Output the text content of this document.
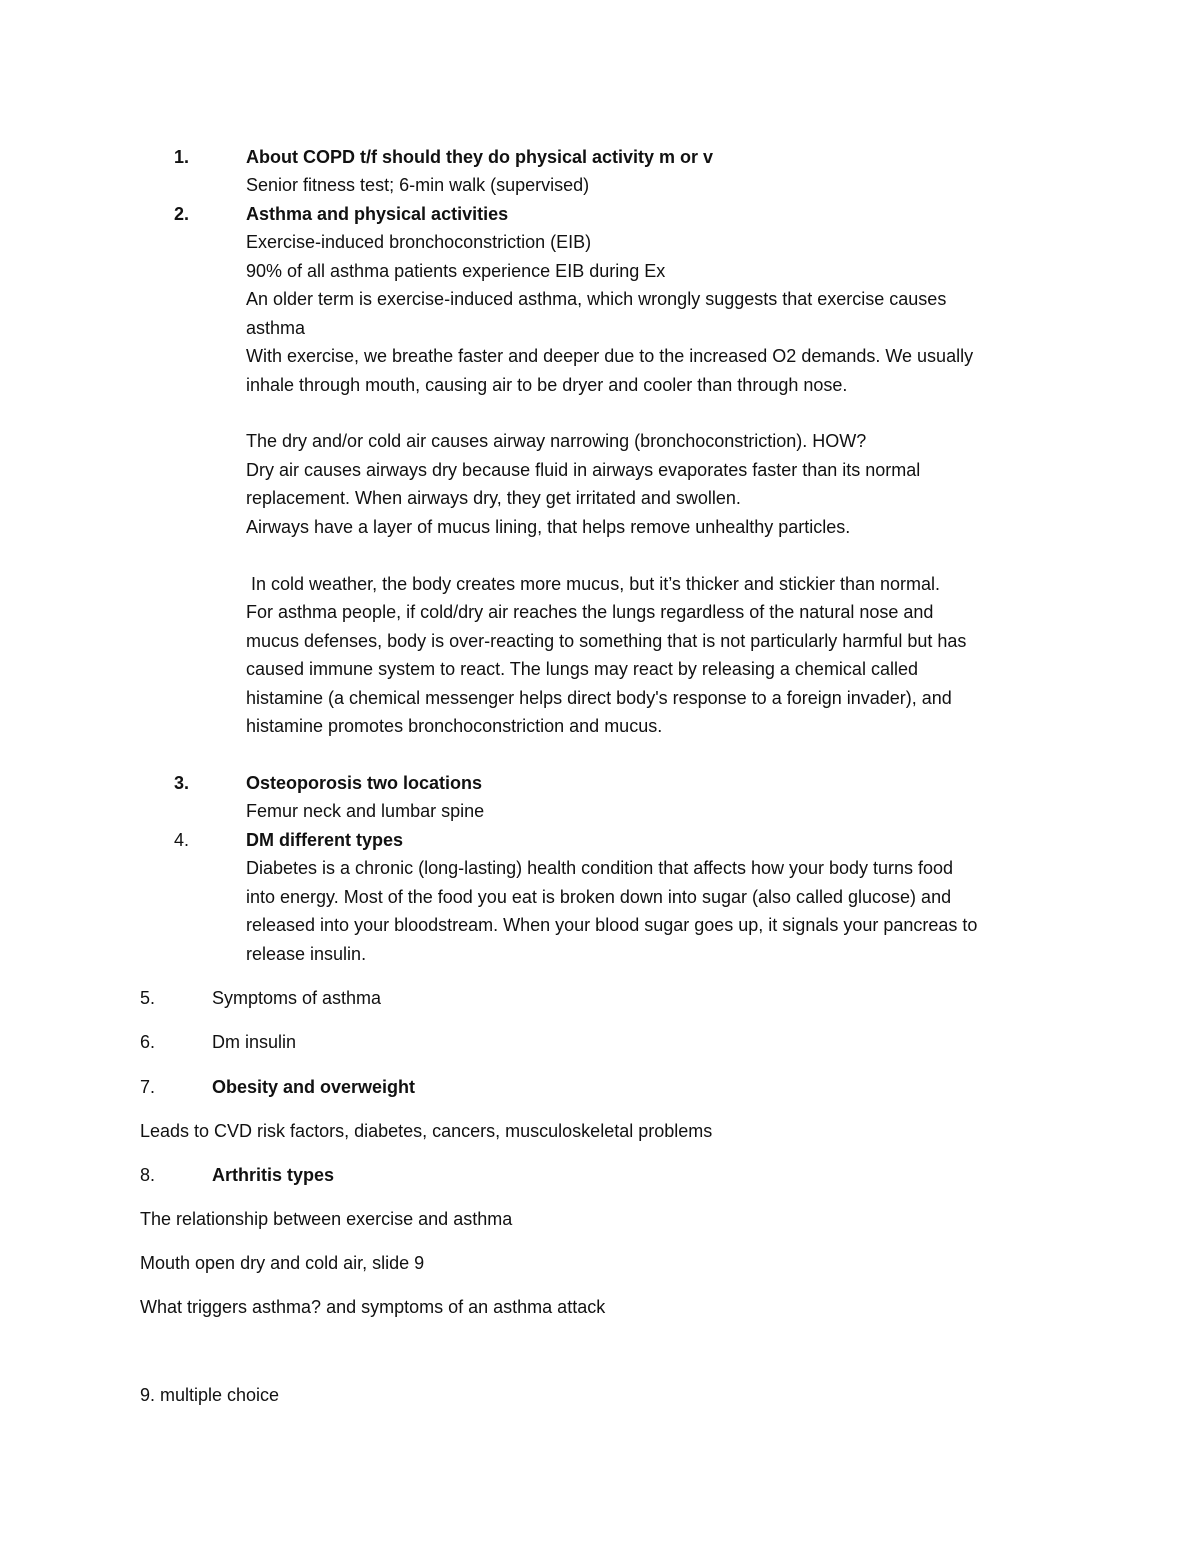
1.	About COPD t/f should they do physical activity m or v
Senior fitness test; 6-min walk (supervised)
2.	Asthma and physical activities
Exercise-induced bronchoconstriction (EIB)
90% of all asthma patients experience EIB during Ex
An older term is exercise-induced asthma, which wrongly suggests that exercise causes
asthma
With exercise, we breathe faster and deeper due to the increased O2 demands. We usually
inhale through mouth, causing air to be dryer and cooler than through nose.
The dry and/or cold air causes airway narrowing (bronchoconstriction). HOW?
Dry air causes airways dry because fluid in airways evaporates faster than its normal
replacement. When airways dry, they get irritated and swollen.
Airways have a layer of mucus lining, that helps remove unhealthy particles.
In cold weather, the body creates more mucus, but it’s thicker and stickier than normal.
For asthma people, if cold/dry air reaches the lungs regardless of the natural nose and
mucus defenses, body is over-reacting to something that is not particularly harmful but has
caused immune system to react. The lungs may react by releasing a chemical called
histamine (a chemical messenger helps direct body's response to a foreign invader), and
histamine promotes bronchoconstriction and mucus.
3.	Osteoporosis two locations
Femur neck and lumbar spine
4.	DM different types
Diabetes is a chronic (long-lasting) health condition that affects how your body turns food
into energy. Most of the food you eat is broken down into sugar (also called glucose) and
released into your bloodstream. When your blood sugar goes up, it signals your pancreas to
release insulin.
5.	Symptoms of asthma
6.	Dm insulin
7.	Obesity and overweight
Leads to CVD risk factors, diabetes, cancers, musculoskeletal problems
8.	Arthritis types
The relationship between exercise and asthma
Mouth open dry and cold air, slide 9
What triggers asthma? and symptoms of an asthma attack
9. multiple choice
